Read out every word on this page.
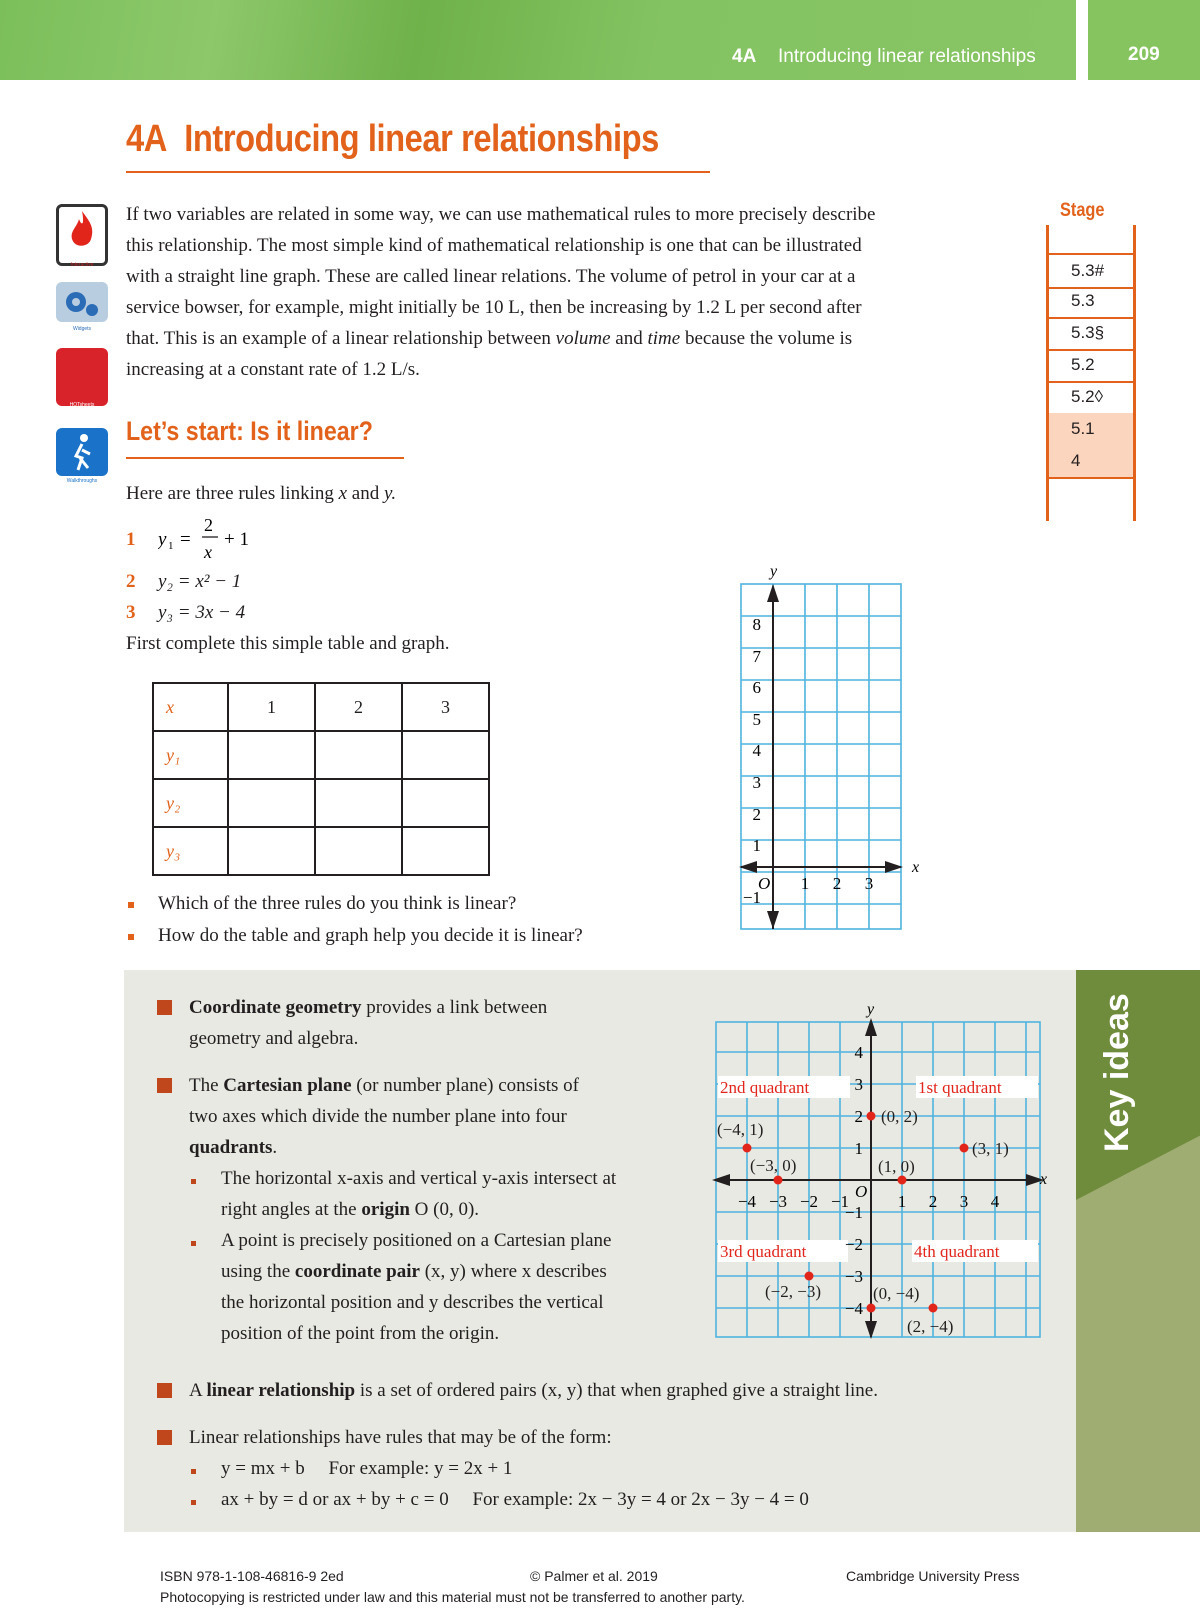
4A Introducing linear relationships	209
4A Introducing linear relationships
Interactive
Widgets
HOTsheets
Walkthroughs
If two variables are related in some way, we can use mathematical rules to more precisely describe
this relationship. The most simple kind of mathematical relationship is one that can be illustrated
with a straight line graph. These are called linear relations. The volume of petrol in your car at a
service bowser, for example, might initially be 10 L, then be increasing by 1.2 L per second after
that. This is an example of a linear relationship between volume and time because the volume is
increasing at a constant rate of 1.2 L/s.
Stage
5.3#
5.3
5.3§
5.2
5.2◊
5.1
4
Let’s start: Is it linear?
Here are three rules linking x and y.
1 y 1 =
2
x
+ 1
2 y₂ = x² − 1
3 y₃ = 3x − 4
First complete this simple table and graph.
x	1	2	3
y₁			
y₂			
y₃			
Which of the three rules do you think is linear?
How do the table and graph help you decide it is linear?
y
x
O
8
7
6
5
4
3
2
1
−1
1 2 3
Key ideas
Coordinate geometry provides a link between
geometry and algebra.
The Cartesian plane (or number plane) consists of
two axes which divide the number plane into four
quadrants.
The horizontal x-axis and vertical y-axis intersect at
right angles at the origin O (0, 0).
A point is precisely positioned on a Cartesian plane
using the coordinate pair (x, y) where x describes
the horizontal position and y describes the vertical
position of the point from the origin.
A linear relationship is a set of ordered pairs (x, y) that when graphed give a straight line.
Linear relationships have rules that may be of the form:
y = mx + b     For example: y = 2x + 1
ax + by = d or ax + by + c = 0     For example: 2x − 3y = 4 or 2x − 3y − 4 = 0
y
x
O
−4 −3 −2 −1	1 2 3 4
4
3
2
1
−1
−2
−3
−4
2nd quadrant	1st quadrant
3rd quadrant	4th quadrant
(−4, 1)
(−3, 0)
(0, 2)
(1, 0)
(3, 1)
(−2, −3)	(0, −4)
(2, −4)
ISBN 978-1-108-46816-9 2ed	© Palmer et al. 2019	Cambridge University Press
Photocopying is restricted under law and this material must not be transferred to another party.
